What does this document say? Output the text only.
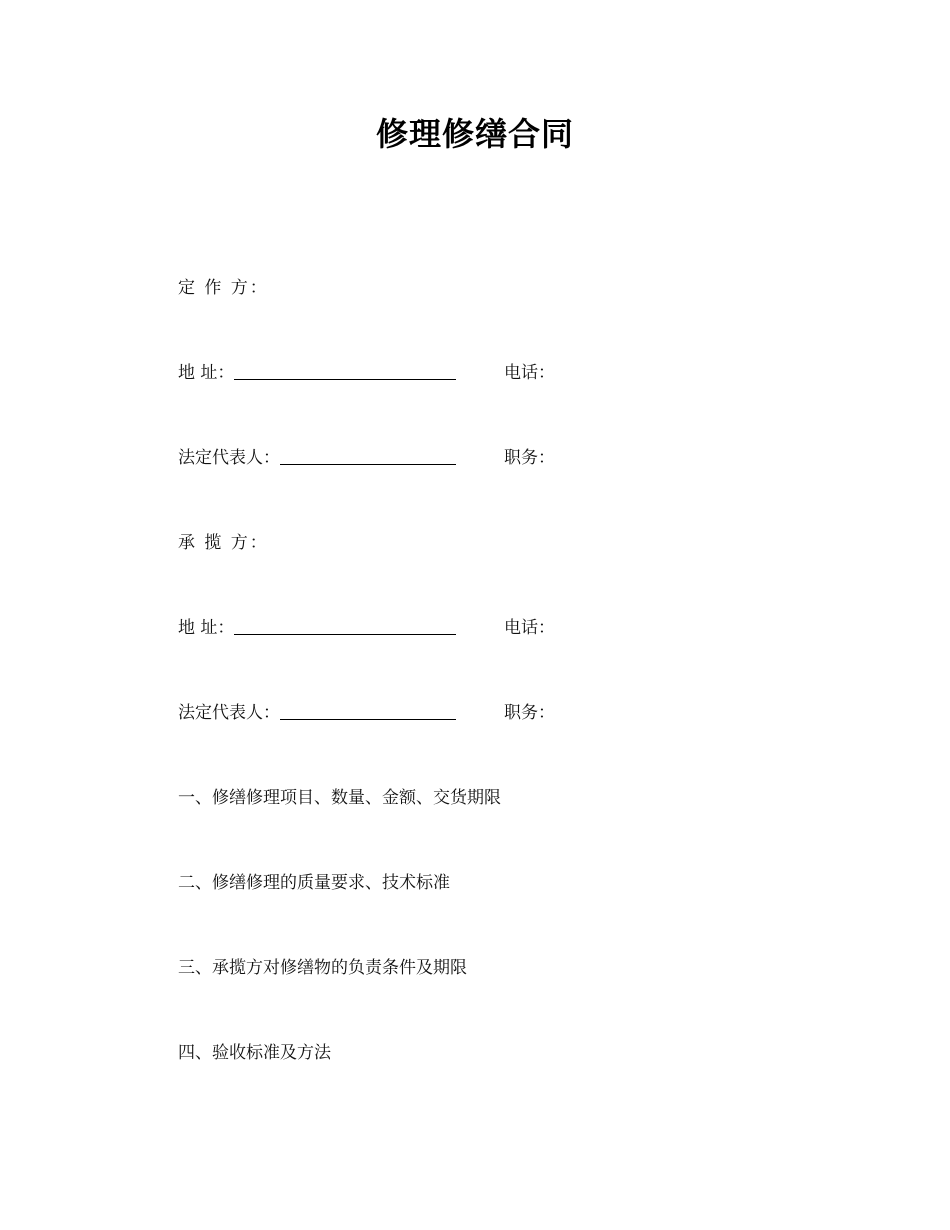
修理修缮合同
定 作 方：
地 址：	电话：
法定代表人：	职务：
承 揽 方：
地 址：	电话：
法定代表人：	职务：
一、修缮修理项目、数量、金额、交货期限
二、修缮修理的质量要求、技术标准
三、承揽方对修缮物的负责条件及期限
四、验收标准及方法
